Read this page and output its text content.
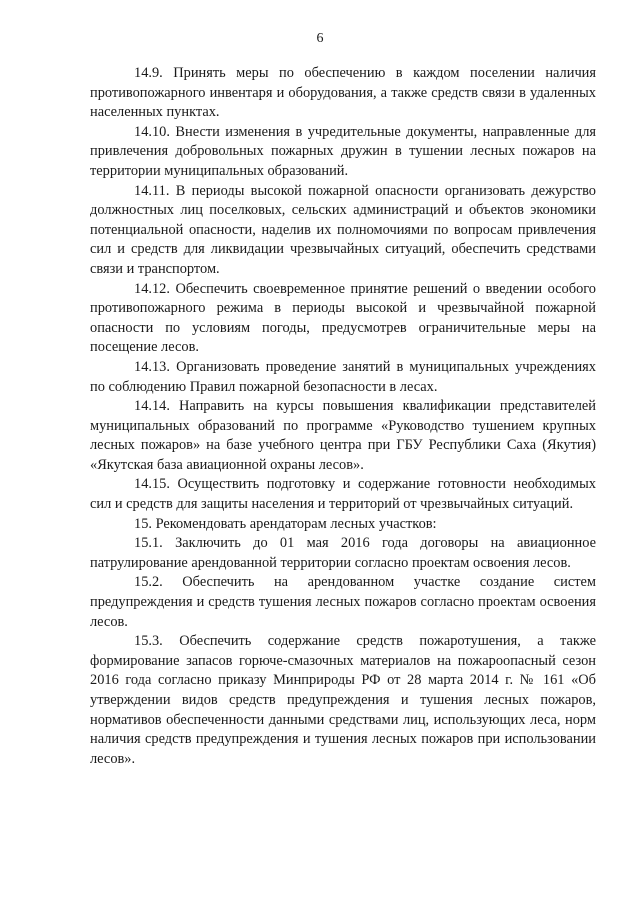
6

14.9. Принять меры по обеспечению в каждом поселении наличия противопожарного инвентаря и оборудования, а также средств связи в удаленных населенных пунктах.

14.10. Внести изменения в учредительные документы, направленные для привлечения добровольных пожарных дружин в тушении лесных пожаров на территории муниципальных образований.

14.11. В периоды высокой пожарной опасности организовать дежурство должностных лиц поселковых, сельских администраций и объектов экономики потенциальной опасности, наделив их полномочиями по вопросам привлечения сил и средств для ликвидации чрезвычайных ситуаций, обеспечить средствами связи и транспортом.

14.12. Обеспечить своевременное принятие решений о введении особого противопожарного режима в периоды высокой и чрезвычайной пожарной опасности по условиям погоды, предусмотрев ограничительные меры на посещение лесов.

14.13. Организовать проведение занятий в муниципальных учреждениях по соблюдению Правил пожарной безопасности в лесах.

14.14. Направить на курсы повышения квалификации представителей муниципальных образований по программе «Руководство тушением крупных лесных пожаров» на базе учебного центра при ГБУ Республики Саха (Якутия) «Якутская база авиационной охраны лесов».

14.15. Осуществить подготовку и содержание готовности необходимых сил и средств для защиты населения и территорий от чрезвычайных ситуаций.

15. Рекомендовать арендаторам лесных участков:

15.1. Заключить до 01 мая 2016 года договоры на авиационное патрулирование арендованной территории согласно проектам освоения лесов.

15.2. Обеспечить на арендованном участке создание систем предупреждения и средств тушения лесных пожаров согласно проектам освоения лесов.

15.3. Обеспечить содержание средств пожаротушения, а также формирование запасов горюче-смазочных материалов на пожароопасный сезон 2016 года согласно приказу Минприроды РФ от 28 марта 2014 г. № 161 «Об утверждении видов средств предупреждения и тушения лесных пожаров, нормативов обеспеченности данными средствами лиц, использующих леса, норм наличия средств предупреждения и тушения лесных пожаров при использовании лесов».
